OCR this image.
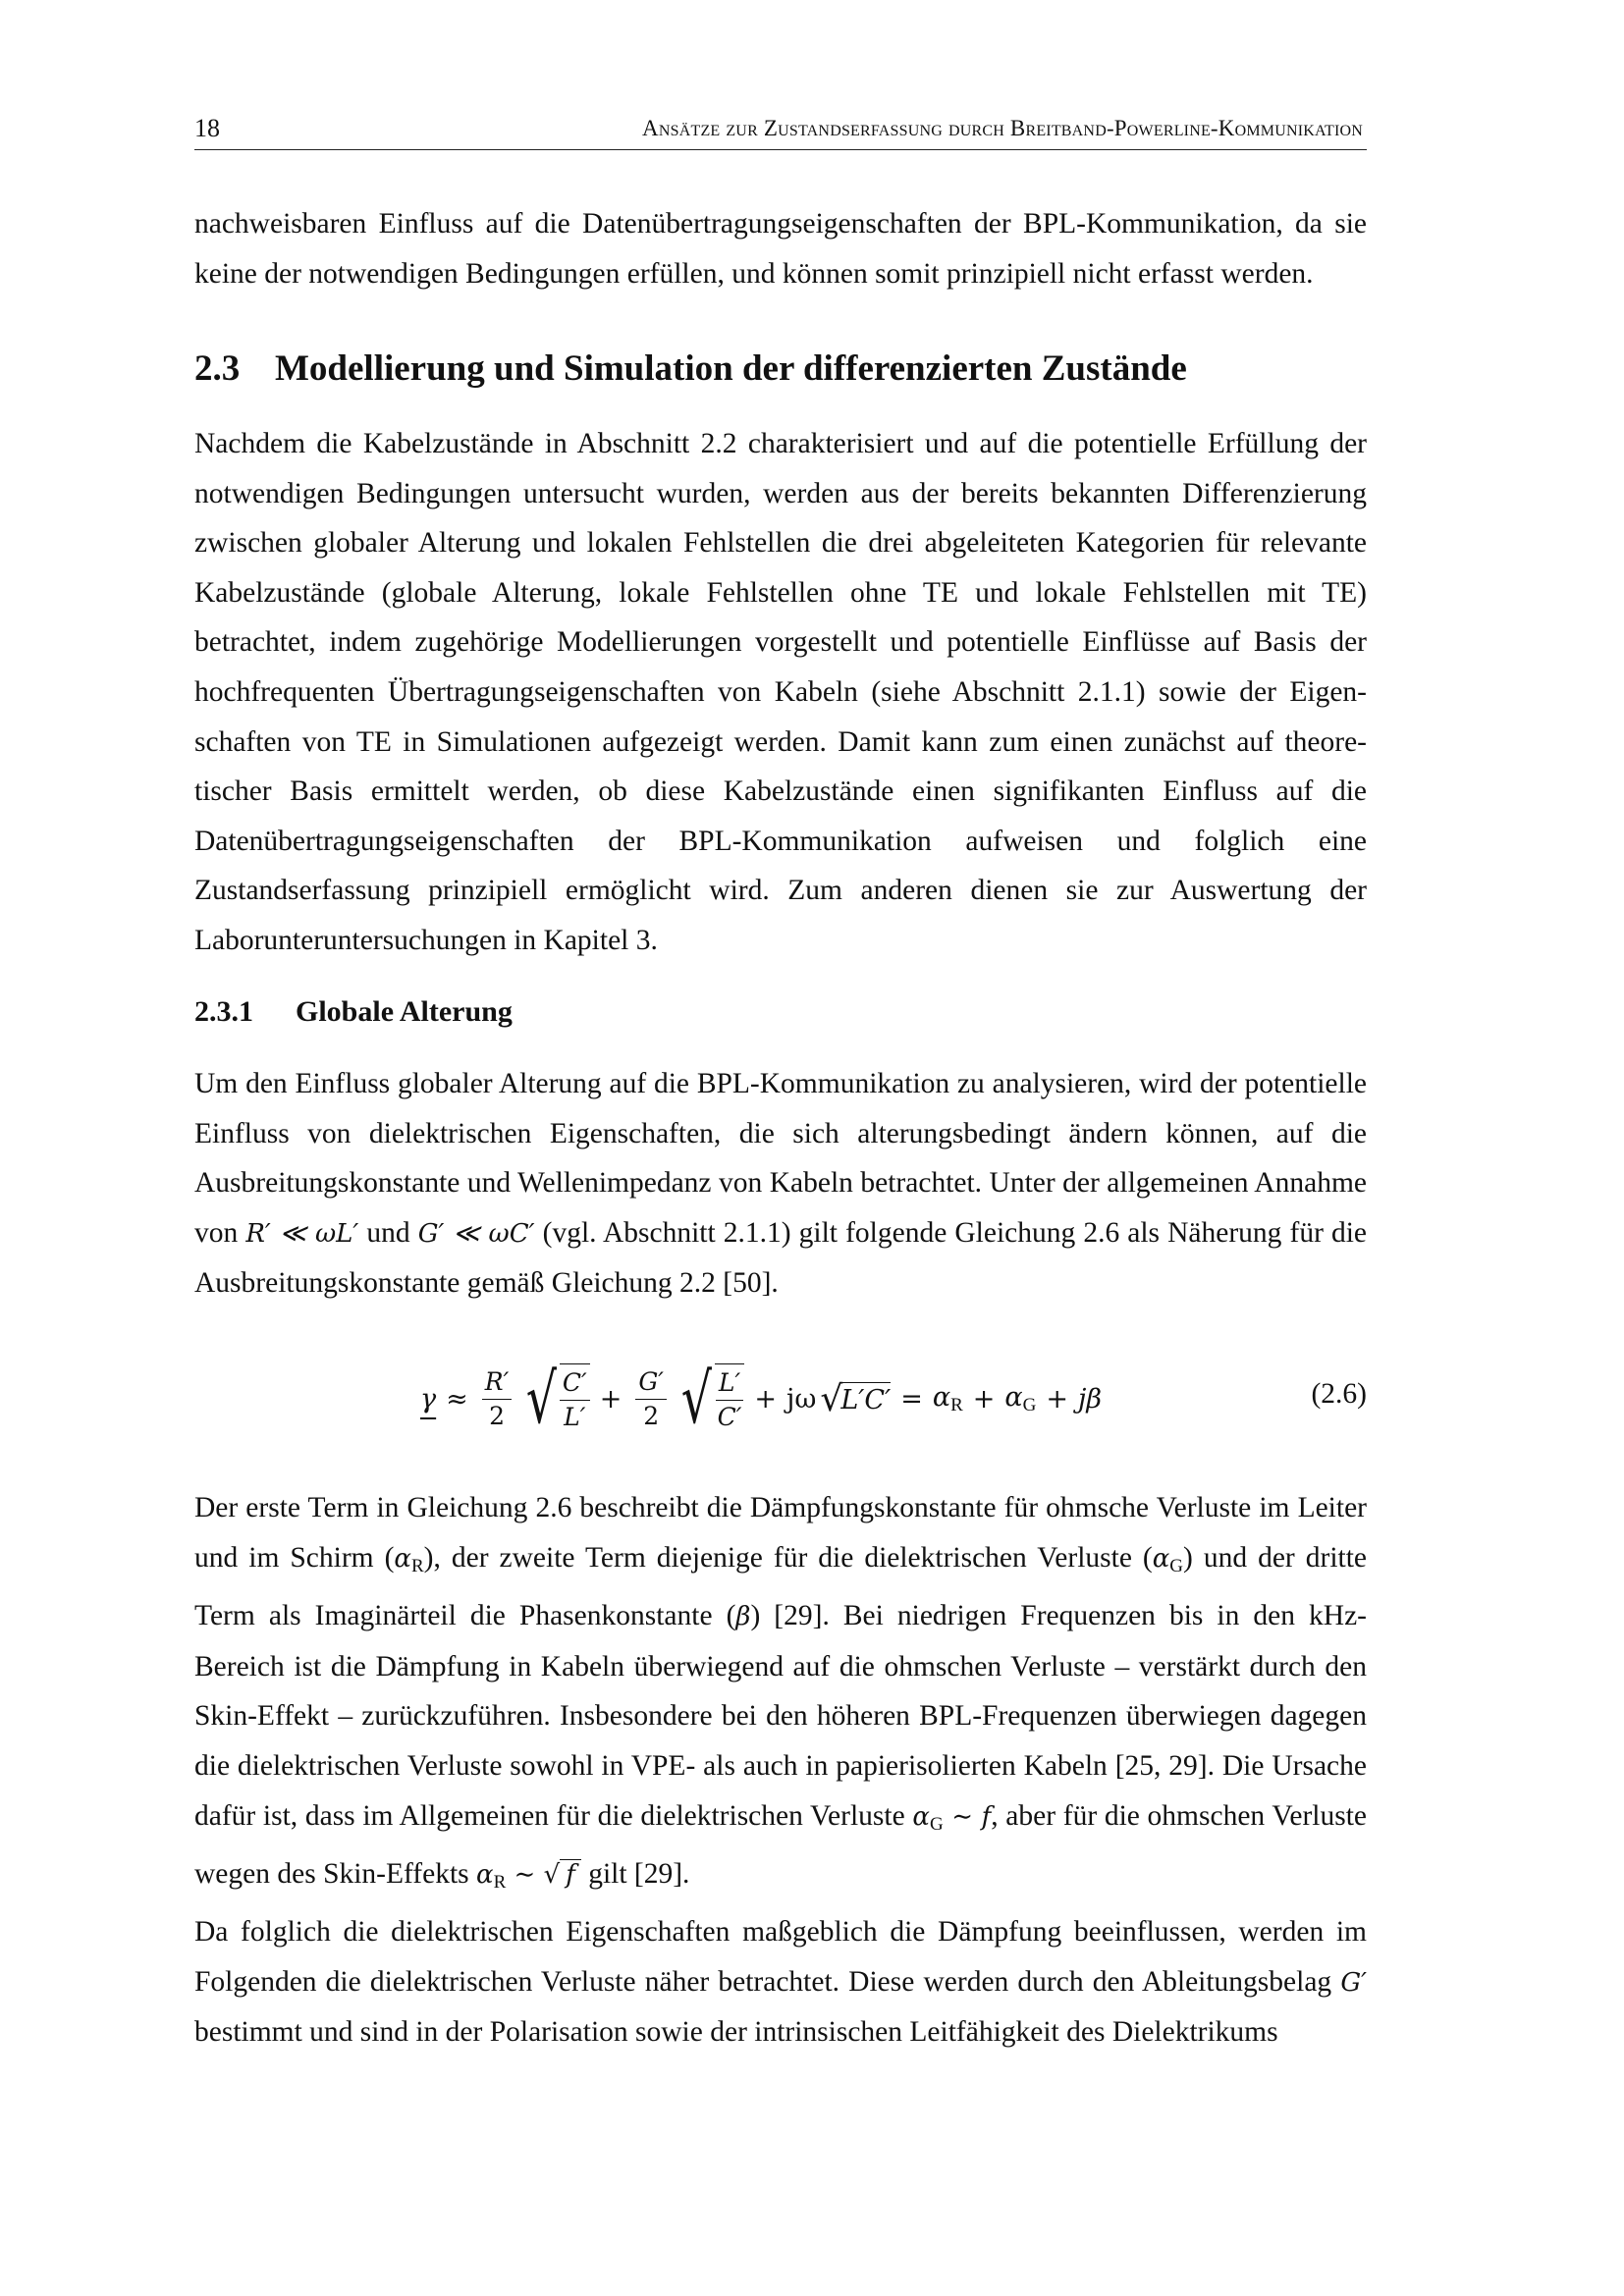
18	Ansätze zur Zustandserfassung durch Breitband-Powerline-Kommunikation

nachweisbaren Einfluss auf die Datenübertragungseigenschaften der BPL-Kommunikation, da sie keine der notwendigen Bedingungen erfüllen, und können somit prinzipiell nicht erfasst werden.

2.3 Modellierung und Simulation der differenzierten Zustände

Nachdem die Kabelzustände in Abschnitt 2.2 charakterisiert und auf die potentielle Erfüllung der notwendigen Bedingungen untersucht wurden, werden aus der bereits bekannten Differenzierung zwischen globaler Alterung und lokalen Fehlstellen die drei abgeleiteten Kategorien für relevante Kabelzustände (globale Alterung, lokale Fehlstellen ohne TE und lokale Fehlstellen mit TE) betrachtet, indem zugehörige Modellierungen vorgestellt und potentielle Einflüsse auf Basis der hochfrequenten Übertragungseigenschaften von Kabeln (siehe Abschnitt 2.1.1) sowie der Eigenschaften von TE in Simulationen aufgezeigt werden. Damit kann zum einen zunächst auf theoretischer Basis ermittelt werden, ob diese Kabelzustände einen signifikanten Einfluss auf die Datenübertragungseigenschaften der BPL-Kommunikation aufweisen und folglich eine Zustandserfassung prinzipiell ermöglicht wird. Zum anderen dienen sie zur Auswertung der Laborunteruntersuchungen in Kapitel 3.

2.3.1 Globale Alterung

Um den Einfluss globaler Alterung auf die BPL-Kommunikation zu analysieren, wird der potentielle Einfluss von dielektrischen Eigenschaften, die sich alterungsbedingt ändern können, auf die Ausbreitungskonstante und Wellenimpedanz von Kabeln betrachtet. Unter der allgemeinen Annahme von R′ ≪ ωL′ und G′ ≪ ωC′ (vgl. Abschnitt 2.1.1) gilt folgende Gleichung 2.6 als Näherung für die Ausbreitungskonstante gemäß Gleichung 2.2 [50].

$\gamma \approx \frac{R'}{2}$ √ $\frac{C'}{L'} + \frac{G'}{2}$ √ $\frac{L'}{C'} + j\omega$ √
$L'C' = \alpha_R + \alpha_G + j\beta$	(2.6)

Der erste Term in Gleichung 2.6 beschreibt die Dämpfungskonstante für ohmsche Verluste im Leiter und im Schirm $(\alpha_R)$, der zweite Term diejenige für die dielektrischen Verluste $(\alpha_G)$ und der dritte Term als Imaginärteil die Phasenkonstante (β) [29]. Bei niedrigen Frequenzen bis in den kHz-Bereich ist die Dämpfung in Kabeln überwiegend auf die ohmschen Verluste – verstärkt durch den Skin-Effekt – zurückzuführen. Insbesondere bei den höheren BPL-Frequenzen überwiegen dagegen die dielektrischen Verluste sowohl in VPE- als auch in papierisolierten Kabeln [25, 29]. Die Ursache dafür ist, dass im Allgemeinen für die dielektrischen Verluste $\alpha_G$ ∼ f, aber für die ohmschen Verluste wegen des Skin-Effekts $\alpha_R$ ∼ √ f gilt [29].

Da folglich die dielektrischen Eigenschaften maßgeblich die Dämpfung beeinflussen, werden im Folgenden die dielektrischen Verluste näher betrachtet. Diese werden durch den Ableitungsbelag G′ bestimmt und sind in der Polarisation sowie der intrinsischen Leitfähigkeit des Dielektrikums
